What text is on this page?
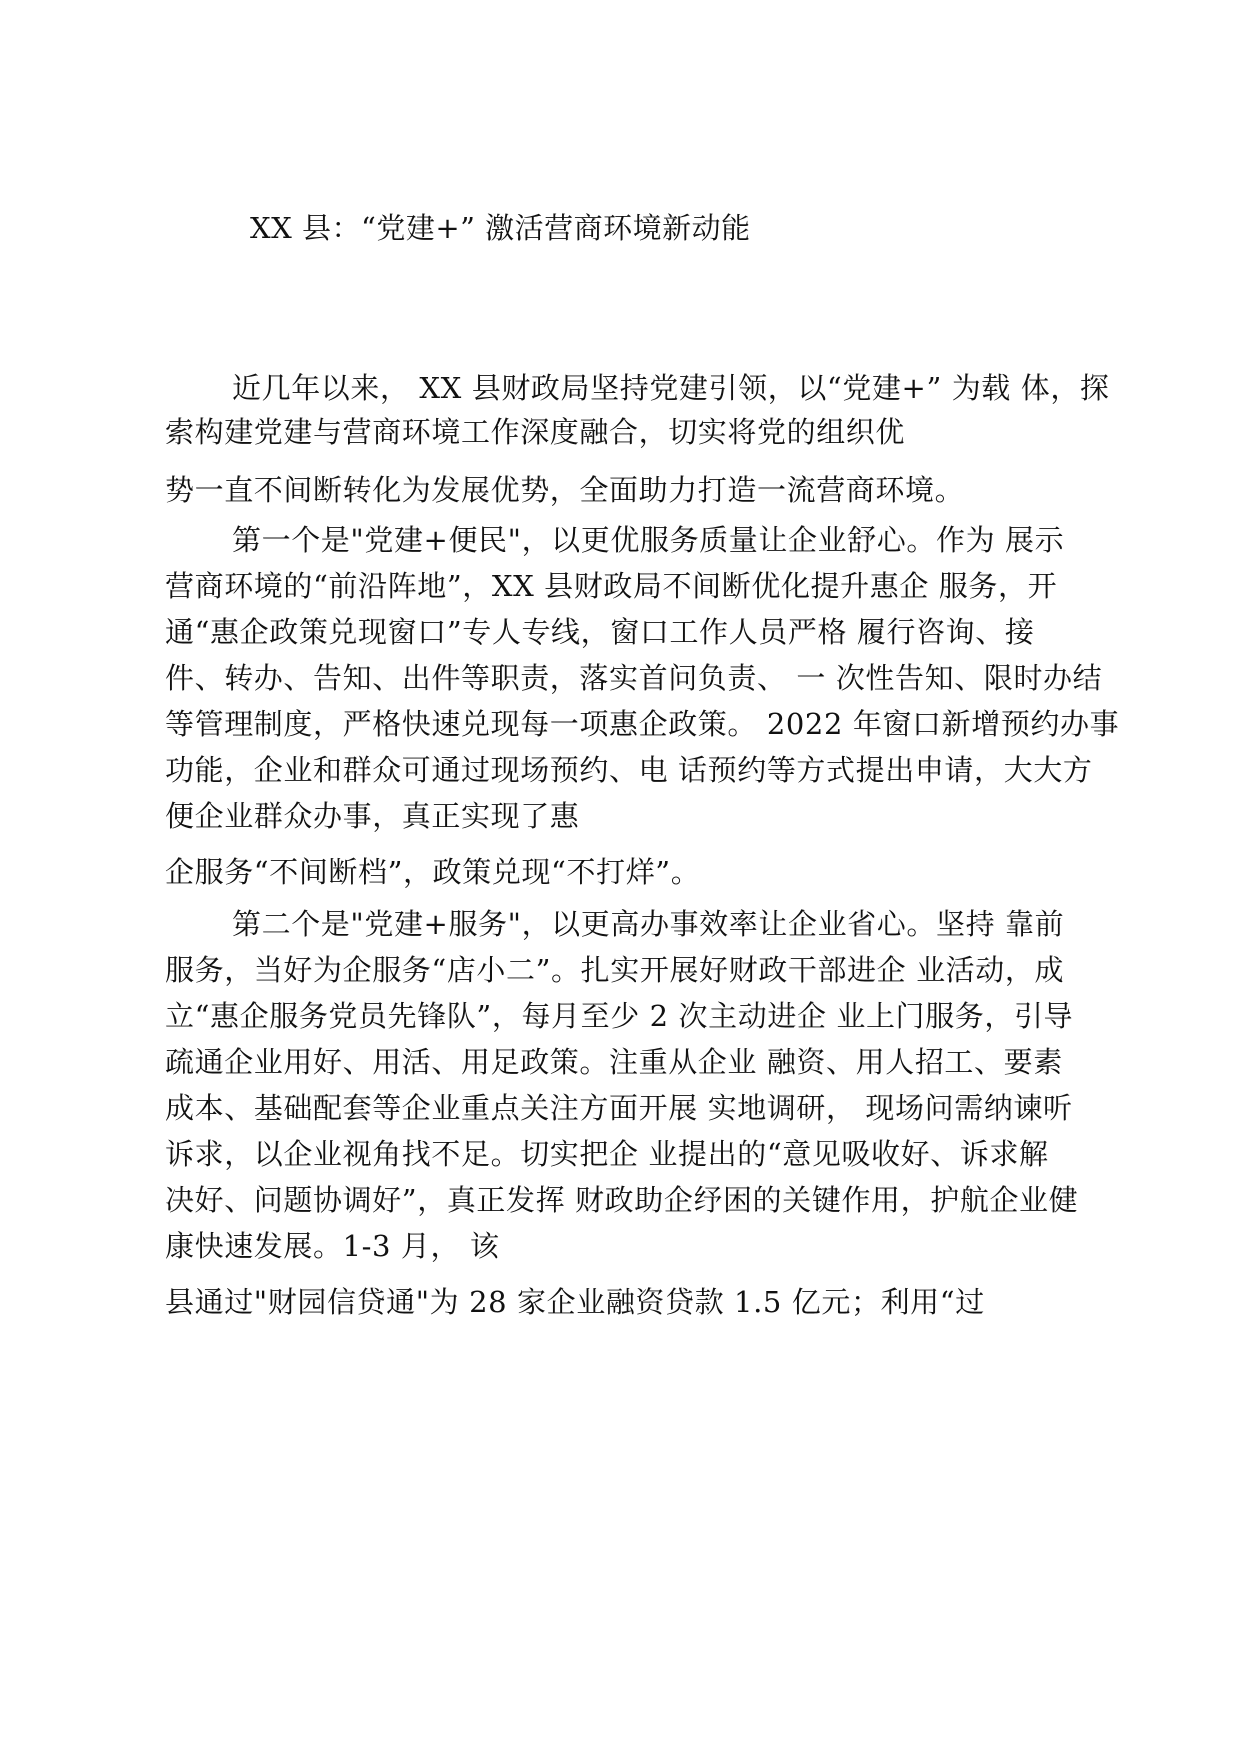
XX 县：“党建+” 激活营商环境新动能
近几年以来， XX 县财政局坚持党建引领，以“党建+” 为载 体，探
索构建党建与营商环境工作深度融合，切实将党的组织优
势一直不间断转化为发展优势，全面助力打造一流营商环境。
第一个是"党建+便民"，以更优服务质量让企业舒心。作为 展示
营商环境的“前沿阵地”，XX 县财政局不间断优化提升惠企 服务，开
通“惠企政策兑现窗口”专人专线，窗口工作人员严格 履行咨询、接
件、转办、告知、出件等职责，落实首问负责、 一 次性告知、限时办结
等管理制度，严格快速兑现每一项惠企政策。 2022 年窗口新增预约办事
功能，企业和群众可通过现场预约、电 话预约等方式提出申请，大大方
便企业群众办事，真正实现了惠
企服务“不间断档”，政策兑现“不打烊”。
第二个是"党建+服务"，以更高办事效率让企业省心。坚持 靠前
服务，当好为企服务“店小二”。扎实开展好财政干部进企 业活动，成
立“惠企服务党员先锋队”，每月至少 2 次主动进企 业上门服务，引导
疏通企业用好、用活、用足政策。注重从企业 融资、用人招工、要素
成本、基础配套等企业重点关注方面开展 实地调研， 现场问需纳谏听
诉求，以企业视角找不足。切实把企 业提出的“意见吸收好、诉求解
决好、问题协调好”，真正发挥 财政助企纾困的关键作用，护航企业健
康快速发展。1-3 月， 该
县通过"财园信贷通"为 28 家企业融资贷款 1.5 亿元；利用“过
